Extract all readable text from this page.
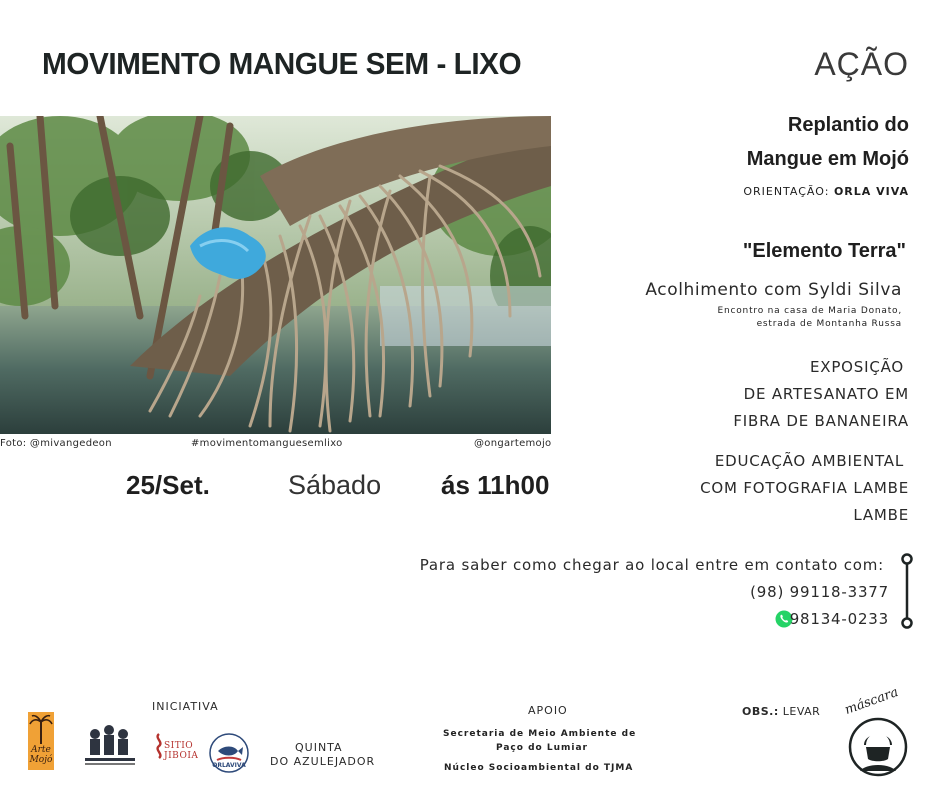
MOVIMENTO MANGUE SEM - LIXO	AÇÃO
Foto: @mivangedeon	#movimentomanguesemlixo	@ongartemojo
25/Set.	Sábado ás 11h00
Replantio do
Mangue em Mojó
ORIENTAÇÃO: ORLA VIVA
"Elemento Terra"
Acolhimento com Syldi Silva
Encontro na casa de Maria Donato,
estrada de Montanha Russa
EXPOSIÇÃO
DE ARTESANATO EM
FIBRA DE BANANEIRA
EDUCAÇÃO AMBIENTAL
COM FOTOGRAFIA LAMBE
LAMBE
Para saber como chegar ao local entre em contato com:
(98) 99118-3377
98134-0233
INICIATIVA
Arte
Mojó
SITIO JIBOIA
ORLAVIVA
QUINTA
DO AZULEJADOR
APOIO
Secretaria de Meio Ambiente de
Paço do Lumiar
Núcleo Socioambiental do TJMA
OBS.: LEVAR máscara
